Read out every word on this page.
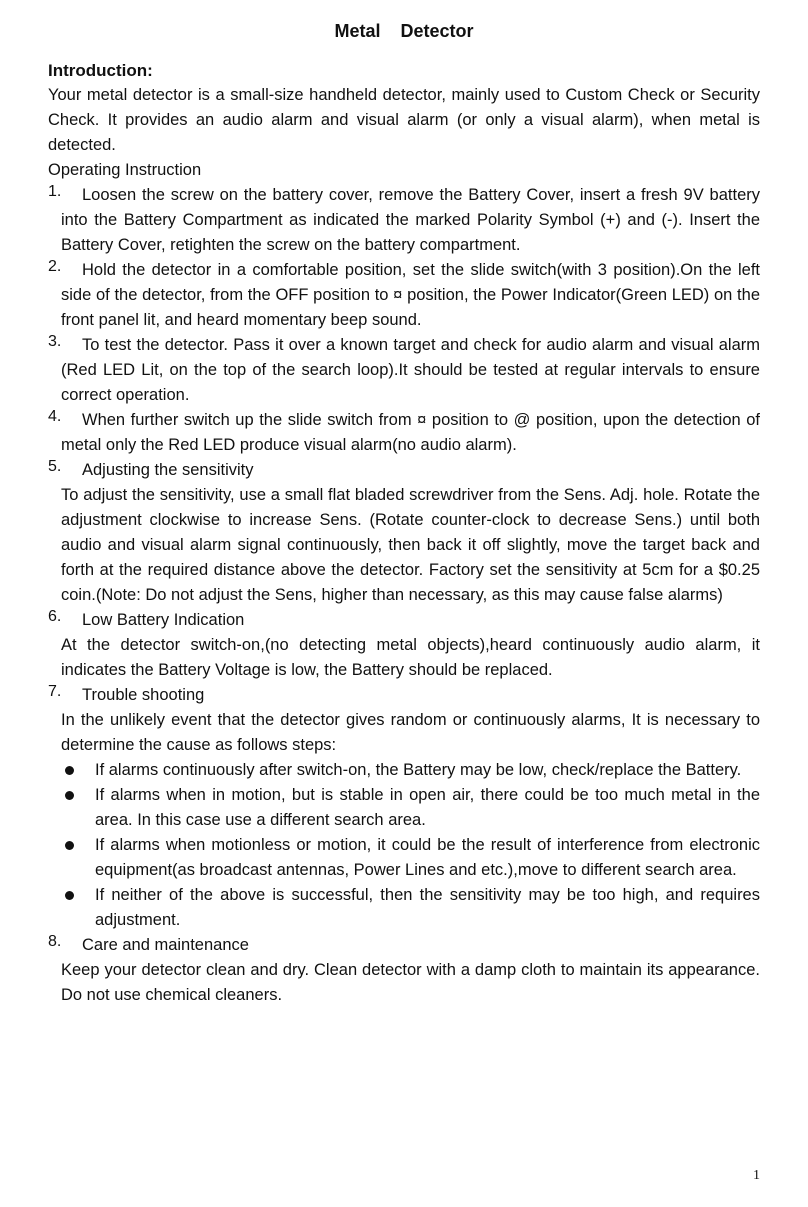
Metal    Detector
Introduction:

Your metal detector is a small-size handheld detector, mainly used to Custom Check or Security Check. It provides an audio alarm and visual alarm (or only a visual alarm), when metal is detected.

Operating Instruction

1.	Loosen the screw on the battery cover, remove the Battery Cover, insert a fresh 9V battery into the Battery Compartment as indicated the marked Polarity Symbol (+) and (-). Insert the Battery Cover, retighten the screw on the battery compartment.

2.	Hold the detector in a comfortable position, set the slide switch(with 3 position).On the left side of the detector, from the OFF position to ¤ position, the Power Indicator(Green LED) on the front panel lit, and heard momentary beep sound.

3.	To test the detector. Pass it over a known target and check for audio alarm and visual alarm (Red LED Lit, on the top of the search loop).It should be tested at regular intervals to ensure correct operation.

4.	When further switch up the slide switch from ¤ position to @ position, upon the detection of metal only the Red LED produce visual alarm(no audio alarm).

5.	Adjusting the sensitivity

To adjust the sensitivity, use a small flat bladed screwdriver from the Sens. Adj. hole. Rotate the adjustment clockwise to increase Sens. (Rotate counter-clock to decrease Sens.) until both audio and visual alarm signal continuously, then back it off slightly, move the target back and forth at the required distance above the detector. Factory set the sensitivity at 5cm for a $0.25 coin.(Note: Do not adjust the Sens, higher than necessary, as this may cause false alarms)

6.	Low Battery Indication

At the detector switch-on,(no detecting metal objects),heard continuously audio alarm, it indicates the Battery Voltage is low, the Battery should be replaced.

7.	Trouble shooting

In the unlikely event that the detector gives random or continuously alarms, It is necessary to determine the cause as follows steps:

If alarms continuously after switch-on, the Battery may be low, check/replace the Battery.

If alarms when in motion, but is stable in open air, there could be too much metal in the area. In this case use a different search area.

If alarms when motionless or motion, it could be the result of interference from electronic equipment(as broadcast antennas, Power Lines and etc.),move to different search area.

If neither of the above is successful, then the sensitivity may be too high, and requires adjustment.

8.	Care and maintenance

Keep your detector clean and dry. Clean detector with a damp cloth to maintain its appearance. Do not use chemical cleaners.

1
